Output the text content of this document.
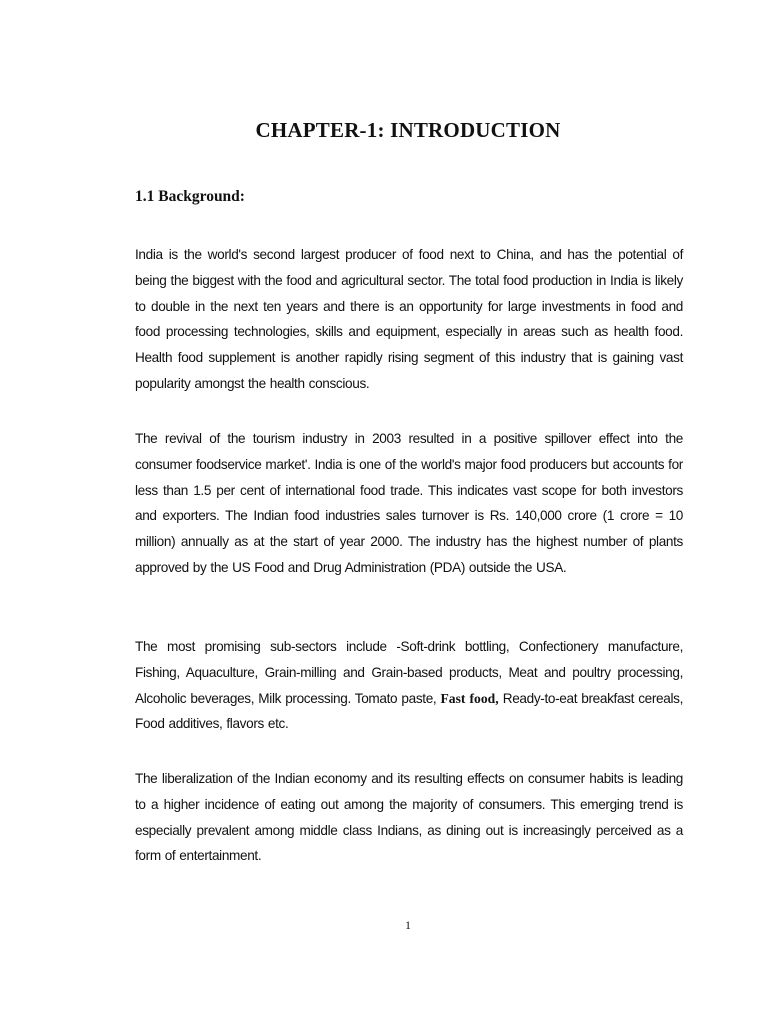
CHAPTER-1: INTRODUCTION
1.1 Background:

India is the world's second largest producer of food next to China, and has the potential of being the biggest with the food and agricultural sector. The total food production in India is likely to double in the next ten years and there is an opportunity for large investments in food and food processing technologies, skills and equipment, especially in areas such as health food. Health food supplement is another rapidly rising segment of this industry that is gaining vast popularity amongst the health conscious.

The revival of the tourism industry in 2003 resulted in a positive spillover effect into the consumer foodservice market'. India is one of the world's major food producers but accounts for less than 1.5 per cent of international food trade. This indicates vast scope for both investors and exporters. The Indian food industries sales turnover is Rs. 140,000 crore (1 crore = 10 million) annually as at the start of year 2000. The industry has the highest number of plants approved by the US Food and Drug Administration (PDA) outside the USA.

The most promising sub-sectors include -Soft-drink bottling, Confectionery manufacture, Fishing, Aquaculture, Grain-milling and Grain-based products, Meat and poultry processing, Alcoholic beverages, Milk processing. Tomato paste, Fast food, Ready-to-eat breakfast cereals, Food additives, flavors etc.

The liberalization of the Indian economy and its resulting effects on consumer habits is leading to a higher incidence of eating out among the majority of consumers. This emerging trend is especially prevalent among middle class Indians, as dining out is increasingly perceived as a form of entertainment.

1
